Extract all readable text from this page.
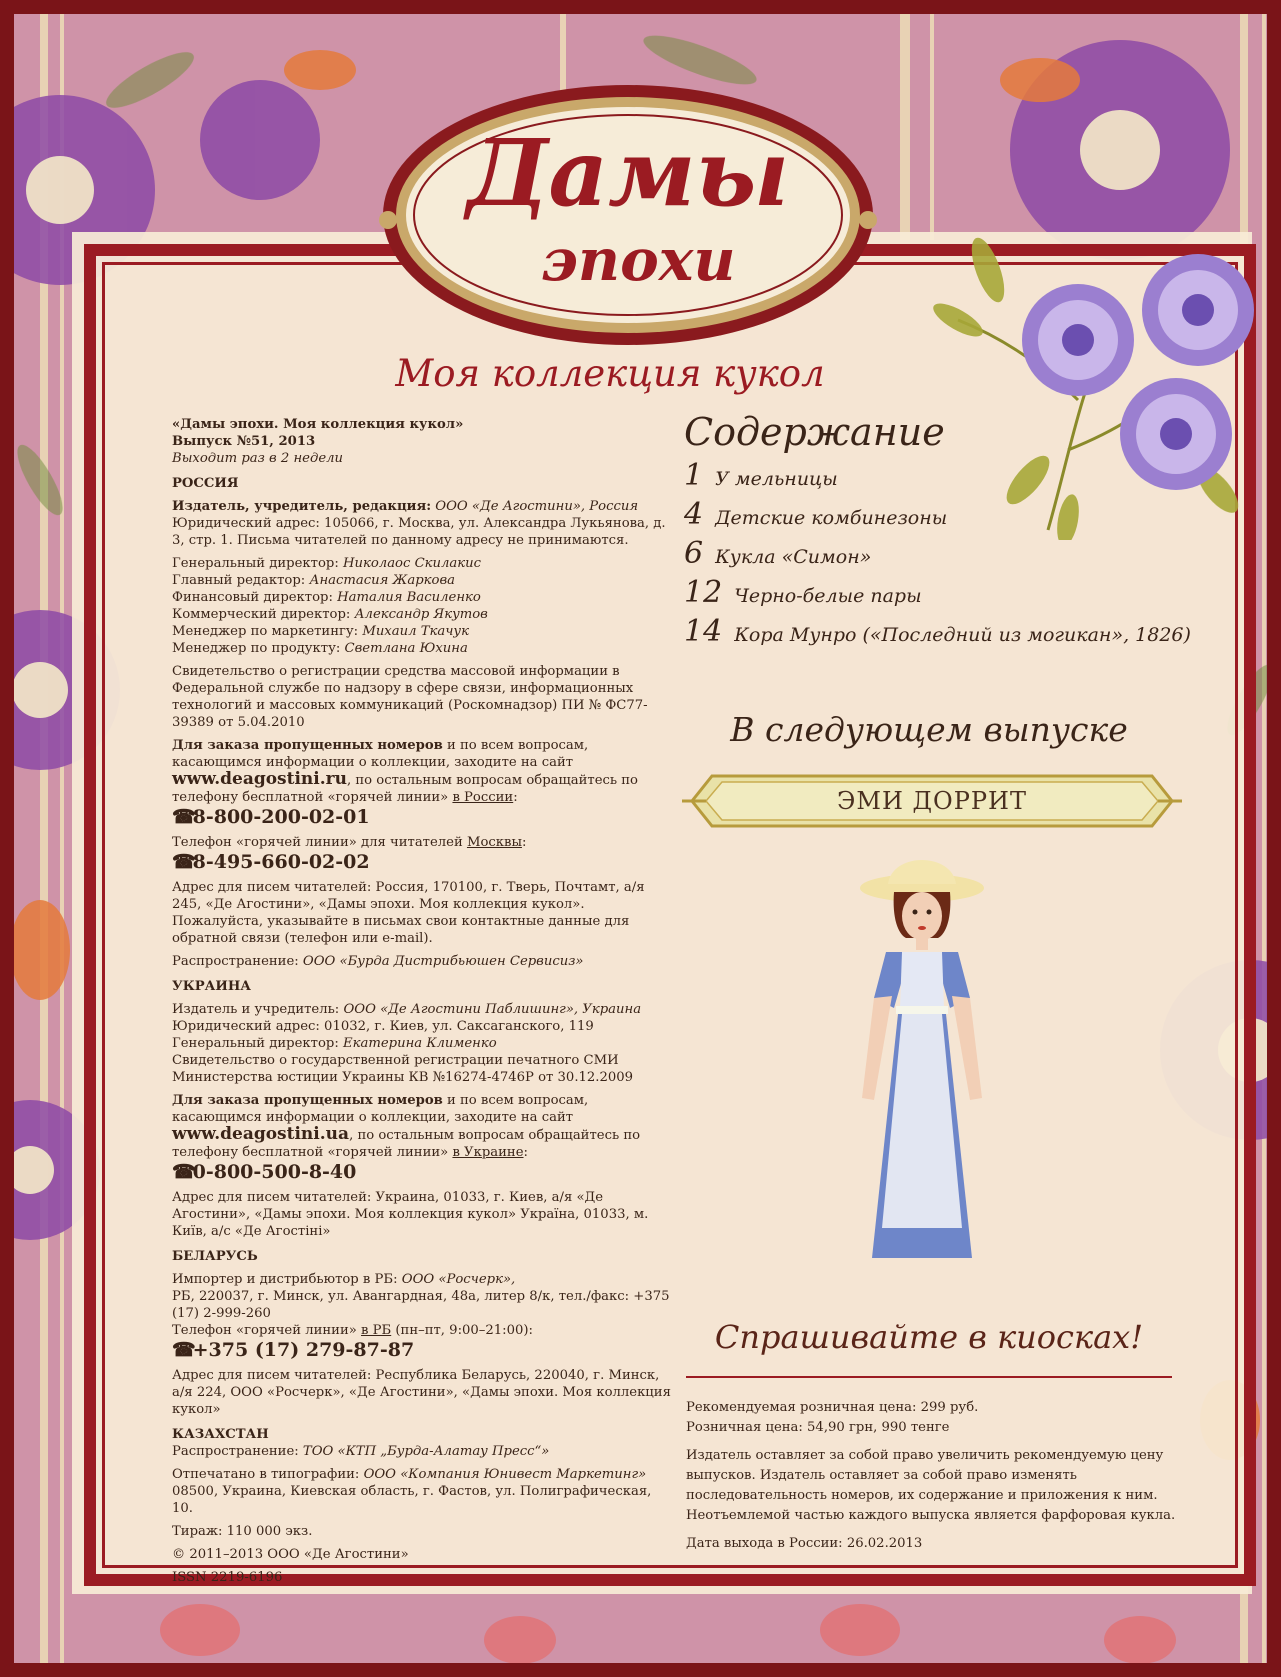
Дамы
эпохи
Моя коллекция кукол

«Дамы эпохи. Моя коллекция кукол»
Выпуск №51, 2013
Выходит раз в 2 недели

РОССИЯ

Издатель, учредитель, редакция: ООО «Де Агостини», Россия
Юридический адрес: 105066, г. Москва, ул. Александра Лукьянова, д. 3, стр. 1. Письма читателей по данному адресу не принимаются.

Генеральный директор: Николаос Скилакис
Главный редактор: Анастасия Жаркова
Финансовый директор: Наталия Василенко
Коммерческий директор: Александр Якутов
Менеджер по маркетингу: Михаил Ткачук
Менеджер по продукту: Светлана Юхина

Свидетельство о регистрации средства массовой информации в Федеральной службе по надзору в сфере связи, информационных технологий и массовых коммуникаций (Роскомнадзор) ПИ № ФС77-39389 от 5.04.2010

Для заказа пропущенных номеров и по всем вопросам, касающимся информации о коллекции, заходите на сайт www.deagostini.ru, по остальным вопросам обращайтесь по телефону бесплатной «горячей линии» в России:

☎ 8-800-200-02-01

Телефон «горячей линии» для читателей Москвы:

☎ 8-495-660-02-02

Адрес для писем читателей: Россия, 170100, г. Тверь, Почтамт, а/я 245, «Де Агостини», «Дамы эпохи. Моя коллекция кукол». Пожалуйста, указывайте в письмах свои контактные данные для обратной связи (телефон или e-mail).

Распространение: ООО «Бурда Дистрибьюшен Сервисиз»

УКРАИНА

Издатель и учредитель: ООО «Де Агостини Паблишинг», Украина
Юридический адрес: 01032, г. Киев, ул. Саксаганского, 119
Генеральный директор: Екатерина Клименко
Свидетельство о государственной регистрации печатного СМИ Министерства юстиции Украины КВ №16274-4746Р от 30.12.2009

Для заказа пропущенных номеров и по всем вопросам, касающимся информации о коллекции, заходите на сайт www.deagostini.ua, по остальным вопросам обращайтесь по телефону бесплатной «горячей линии» в Украине:

☎ 0-800-500-8-40

Адрес для писем читателей: Украина, 01033, г. Киев, а/я «Де Агостини», «Дамы эпохи. Моя коллекция кукол» Україна, 01033, м. Київ, а/с «Де Агостіні»

БЕЛАРУСЬ

Импортер и дистрибьютор в РБ: ООО «Росчерк»,
РБ, 220037, г. Минск, ул. Авангардная, 48а, литер 8/к, тел./факс: +375 (17) 2-999-260
Телефон «горячей линии» в РБ (пн–пт, 9:00–21:00):

☎ +375 (17) 279-87-87

Адрес для писем читателей: Республика Беларусь, 220040, г. Минск, а/я 224, ООО «Росчерк», «Де Агостини», «Дамы эпохи. Моя коллекция кукол»

КАЗАХСТАН

Распространение: ТОО «КТП „Бурда-Алатау Пресс“»

Отпечатано в типографии: ООО «Компания Юнивест Маркетинг»
08500, Украина, Киевская область, г. Фастов, ул. Полиграфическая, 10.

Тираж: 110 000 экз.

© 2011–2013 ООО «Де Агостини»

ISSN 2219-6196

Содержание
1 У мельницы
4 Детские комбинезоны
6 Кукла «Симон»
12 Черно-белые пары
14 Кора Мунро («Последний из могикан», 1826)
В следующем выпуске
ЭМИ ДОРРИТ
Спрашивайте в киосках!

Рекомендуемая розничная цена: 299 руб.
Розничная цена: 54,90 грн, 990 тенге

Издатель оставляет за собой право увеличить рекомендуемую цену выпусков. Издатель оставляет за собой право изменять последовательность номеров, их содержание и приложения к ним. Неотъемлемой частью каждого выпуска является фарфоровая кукла.

Дата выхода в России: 26.02.2013
